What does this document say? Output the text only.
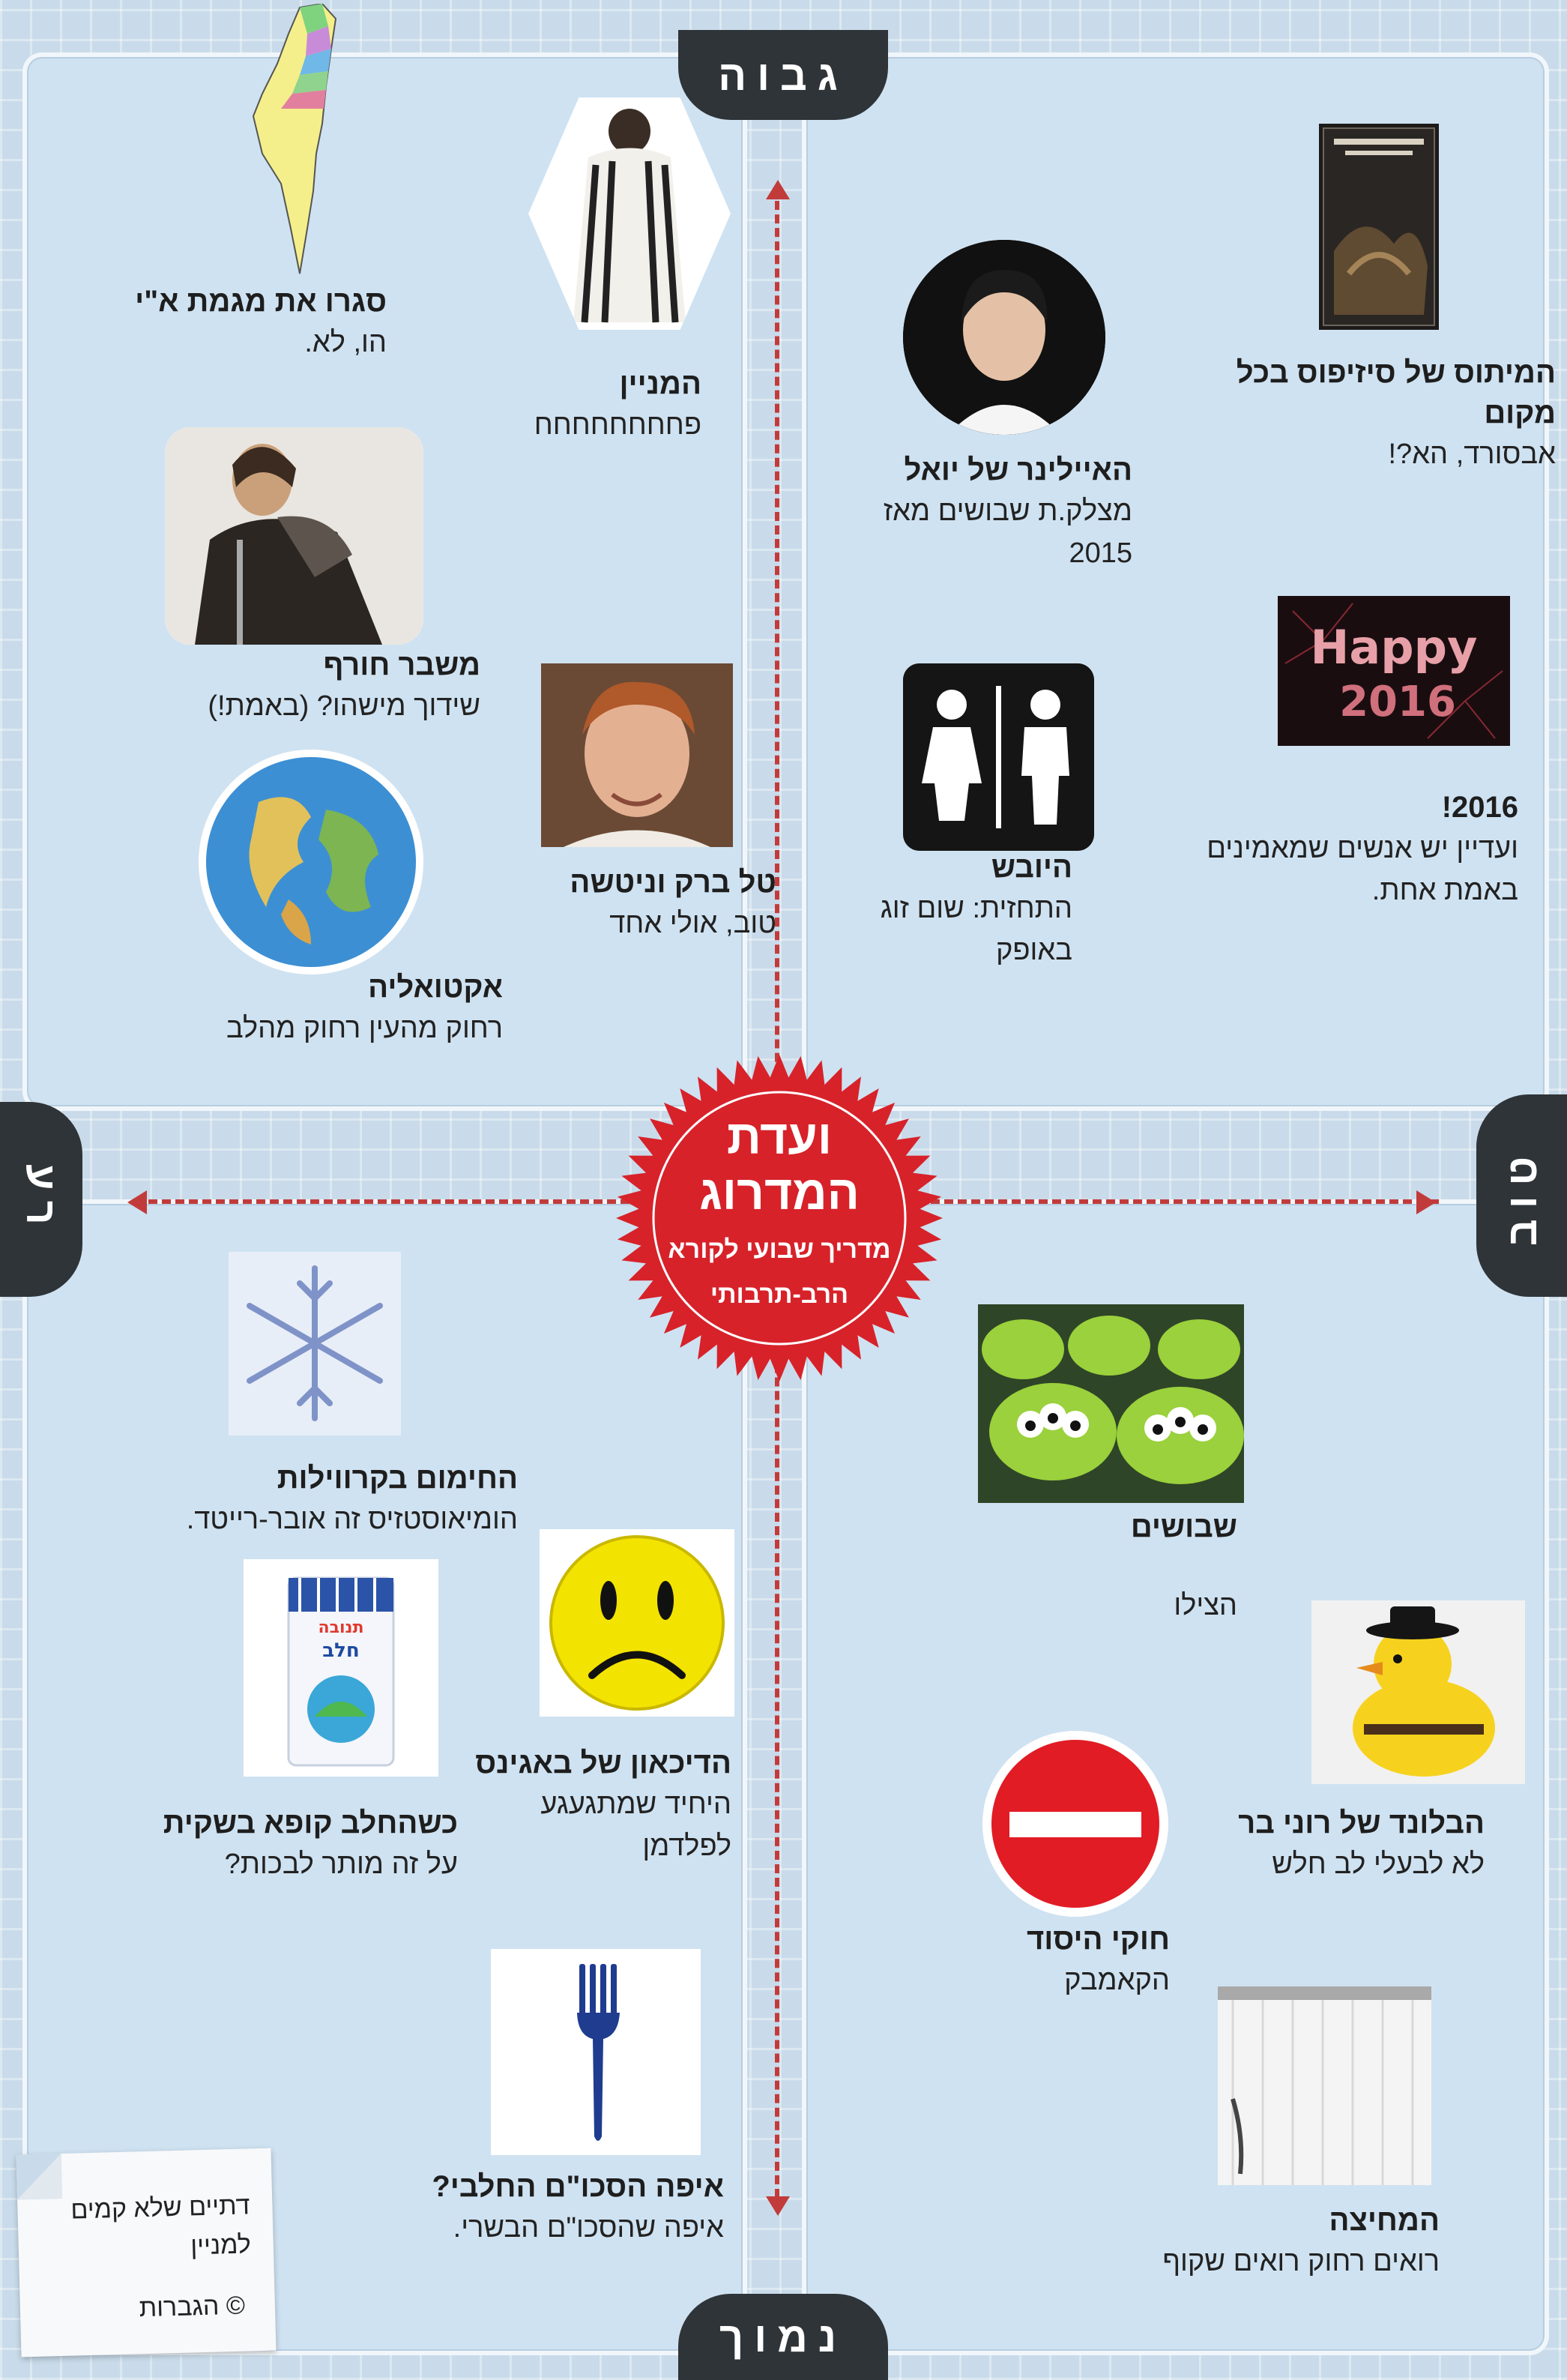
גבוה
נמוך
רע	טוב
ועדת
המדרוג
מדריך שבועי לקורא
הרב-תרבותי
סגרו את מגמת א"י
הו, לא.
המניין
פחחחחחחחח
משבר חורף
שידוך מישהו? (באמת!)
טל ברק וניטשה
טוב, אולי אחד
אקטואליה
רחוק מהעין רחוק מהלב
המיתוס של סיזיפוס בכל
מקום
אבסורד, הא?!
האיילינר של יואל
מצלק.ת שבושים מאז
2015
Happy
2016
2016!
ועדיין יש אנשים שמאמינים
באמת אחת.
היובש
התחזית: שום זוג
באופק
החימום בקרווילות
הומיאוסטזיס זה אובר-רייטד.
הדיכאון של באגינס
היחיד שמתגעגע
לפלדמן
תנובה
חלב
כשהחלב קופא בשקית
על זה מותר לבכות?
איפה הסכו"ם החלבי?
איפה שהסכו"ם הבשרי.
דתיים שלא קמים למניין
© הגברות
שבושים
הצילו
הבלונד של רוני בר
לא לבעלי לב חלש
חוקי היסוד
הקאמבק
המחיצה
רואים רחוק רואים שקוף
